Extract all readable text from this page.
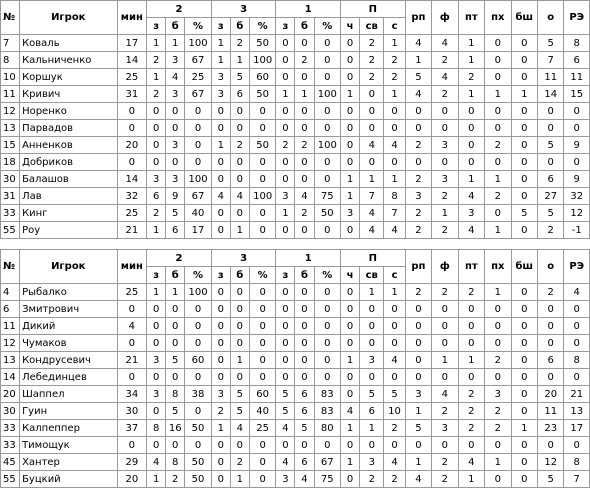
№	Игрок	мин	2			3			1			П			рп	ф	пт	пх	бш	о	РЭ
			з	б	%	з	б	%	з	б	%	ч	св	с							
7	Коваль	17	1	1	100	1	2	50	0	0	0	0	2	1	4	4	1	0	0	5	8
8	Кальниченко	14	2	3	67	1	1	100	0	2	0	0	2	2	1	2	1	0	0	7	6
10	Коршук	25	1	4	25	3	5	60	0	0	0	0	2	2	5	4	2	0	0	11	11
11	Кривич	31	2	3	67	3	6	50	1	1	100	1	0	1	4	2	1	1	1	14	15
12	Норенко	0	0	0	0	0	0	0	0	0	0	0	0	0	0	0	0	0	0	0	0
13	Парвадов	0	0	0	0	0	0	0	0	0	0	0	0	0	0	0	0	0	0	0	0
15	Анненков	20	0	3	0	1	2	50	2	2	100	0	4	4	2	3	0	2	0	5	9
18	Добриков	0	0	0	0	0	0	0	0	0	0	0	0	0	0	0	0	0	0	0	0
30	Балашов	14	3	3	100	0	0	0	0	0	0	1	1	1	2	3	1	1	0	6	9
31	Лав	32	6	9	67	4	4	100	3	4	75	1	7	8	3	2	4	2	0	27	32
33	Кинг	25	2	5	40	0	0	0	1	2	50	3	4	7	2	1	3	0	5	5	12
55	Роу	21	1	6	17	0	1	0	0	0	0	0	4	4	2	2	4	1	0	2	-1

№	Игрок	мин	2			3			1			П			рп	ф	пт	пх	бш	о	РЭ
			з	б	%	з	б	%	з	б	%	ч	св	с							
4	Рыбалко	25	1	1	100	0	0	0	0	0	0	0	1	1	2	2	2	1	0	2	4
6	Змитрович	0	0	0	0	0	0	0	0	0	0	0	0	0	0	0	0	0	0	0	0
11	Дикий	4	0	0	0	0	0	0	0	0	0	0	0	0	0	0	0	0	0	0	0
12	Чумаков	0	0	0	0	0	0	0	0	0	0	0	0	0	0	0	0	0	0	0	0
13	Кондрусевич	21	3	5	60	0	1	0	0	0	0	1	3	4	0	1	1	2	0	6	8
14	Лебединцев	0	0	0	0	0	0	0	0	0	0	0	0	0	0	0	0	0	0	0	0
20	Шаппел	34	3	8	38	3	5	60	5	6	83	0	5	5	3	4	2	3	0	20	21
30	Гуин	30	0	5	0	2	5	40	5	6	83	4	6	10	1	2	2	2	0	11	13
33	Калпеппер	37	8	16	50	1	4	25	4	5	80	1	1	2	5	3	2	2	1	23	17
33	Тимощук	0	0	0	0	0	0	0	0	0	0	0	0	0	0	0	0	0	0	0	0
45	Хантер	29	4	8	50	0	2	0	4	6	67	1	3	4	1	2	4	1	0	12	8
55	Буцкий	20	1	2	50	0	1	0	3	4	75	0	2	2	4	2	1	0	0	5	7
